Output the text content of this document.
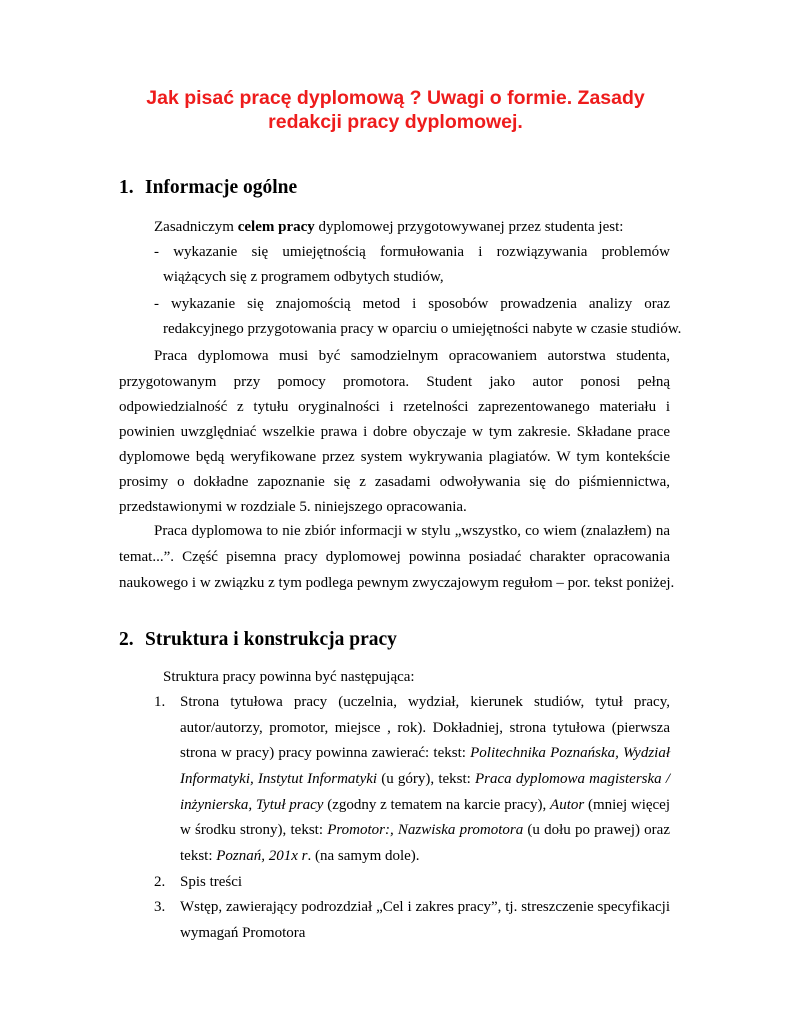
Jak pisać pracę dyplomową ? Uwagi o formie. Zasady
redakcji pracy dyplomowej.
1. Informacje ogólne
Zasadniczym celem pracy dyplomowej przygotowywanej przez studenta jest:
- wykazanie się umiejętnością formułowania i rozwiązywania problemów
wiążących się z programem odbytych studiów,
- wykazanie się znajomością metod i sposobów prowadzenia analizy oraz
redakcyjnego przygotowania pracy w oparciu o umiejętności nabyte w czasie studiów.
Praca dyplomowa musi być samodzielnym opracowaniem autorstwa studenta,
przygotowanym przy pomocy promotora. Student jako autor ponosi pełną
odpowiedzialność z tytułu oryginalności i rzetelności zaprezentowanego materiału i
powinien uwzględniać wszelkie prawa i dobre obyczaje w tym zakresie. Składane prace
dyplomowe będą weryfikowane przez system wykrywania plagiatów. W tym kontekście
prosimy o dokładne zapoznanie się z zasadami odwoływania się do piśmiennictwa,
przedstawionymi w rozdziale 5. niniejszego opracowania.
Praca dyplomowa to nie zbiór informacji w stylu „wszystko, co wiem (znalazłem) na
temat...”. Część pisemna pracy dyplomowej powinna posiadać charakter opracowania
naukowego i w związku z tym podlega pewnym zwyczajowym regułom – por. tekst poniżej.
2. Struktura i konstrukcja pracy
Struktura pracy powinna być następująca:
1. Strona tytułowa pracy (uczelnia, wydział, kierunek studiów, tytuł pracy,
autor/autorzy, promotor, miejsce , rok). Dokładniej, strona tytułowa (pierwsza
strona w pracy) pracy powinna zawierać: tekst: Politechnika Poznańska, Wydział
Informatyki, Instytut Informatyki (u góry), tekst: Praca dyplomowa magisterska /
inżynierska, Tytuł pracy (zgodny z tematem na karcie pracy), Autor (mniej więcej
w środku strony), tekst: Promotor:, Nazwiska promotora (u dołu po prawej) oraz
tekst: Poznań, 201x r. (na samym dole).
2. Spis treści
3. Wstęp, zawierający podrozdział „Cel i zakres pracy”, tj. streszczenie specyfikacji
wymagań Promotora
